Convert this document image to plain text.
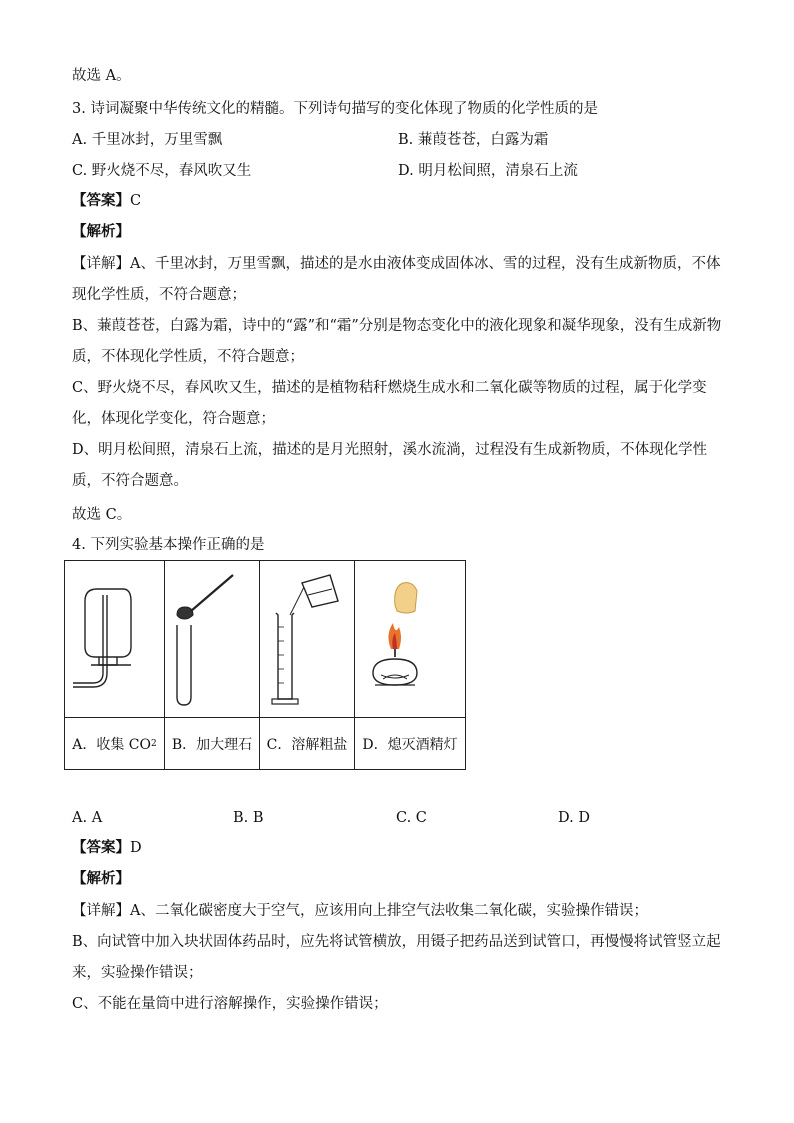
故选 A。
3. 诗词凝聚中华传统文化的精髓。下列诗句描写的变化体现了物质的化学性质的是
A. 千里冰封，万里雪飘	B. 蒹葭苍苍，白露为霜
C. 野火烧不尽，春风吹又生	D. 明月松间照，清泉石上流
【答案】C
【解析】
【详解】A、千里冰封，万里雪飘，描述的是水由液体变成固体冰、雪的过程，没有生成新物质，不体现化学性质，不符合题意；
B、蒹葭苍苍，白露为霜，诗中的“露”和“霜”分别是物态变化中的液化现象和凝华现象，没有生成新物质，不体现化学性质，不符合题意；
C、野火烧不尽，春风吹又生，描述的是植物秸秆燃烧生成水和二氧化碳等物质的过程，属于化学变化，体现化学变化，符合题意；
D、明月松间照，清泉石上流，描述的是月光照射，溪水流淌，过程没有生成新物质，不体现化学性质，不符合题意。
故选 C。
4. 下列实验基本操作正确的是
A．收集 CO 2	B．加大理石	C．溶解粗盐	D．熄灭酒精灯
A. A	B. B	C. C	D. D
【答案】D
【解析】
【详解】A、二氧化碳密度大于空气，应该用向上排空气法收集二氧化碳，实验操作错误；
B、向试管中加入块状固体药品时，应先将试管横放，用镊子把药品送到试管口，再慢慢将试管竖立起来，实验操作错误；
C、不能在量筒中进行溶解操作，实验操作错误；
